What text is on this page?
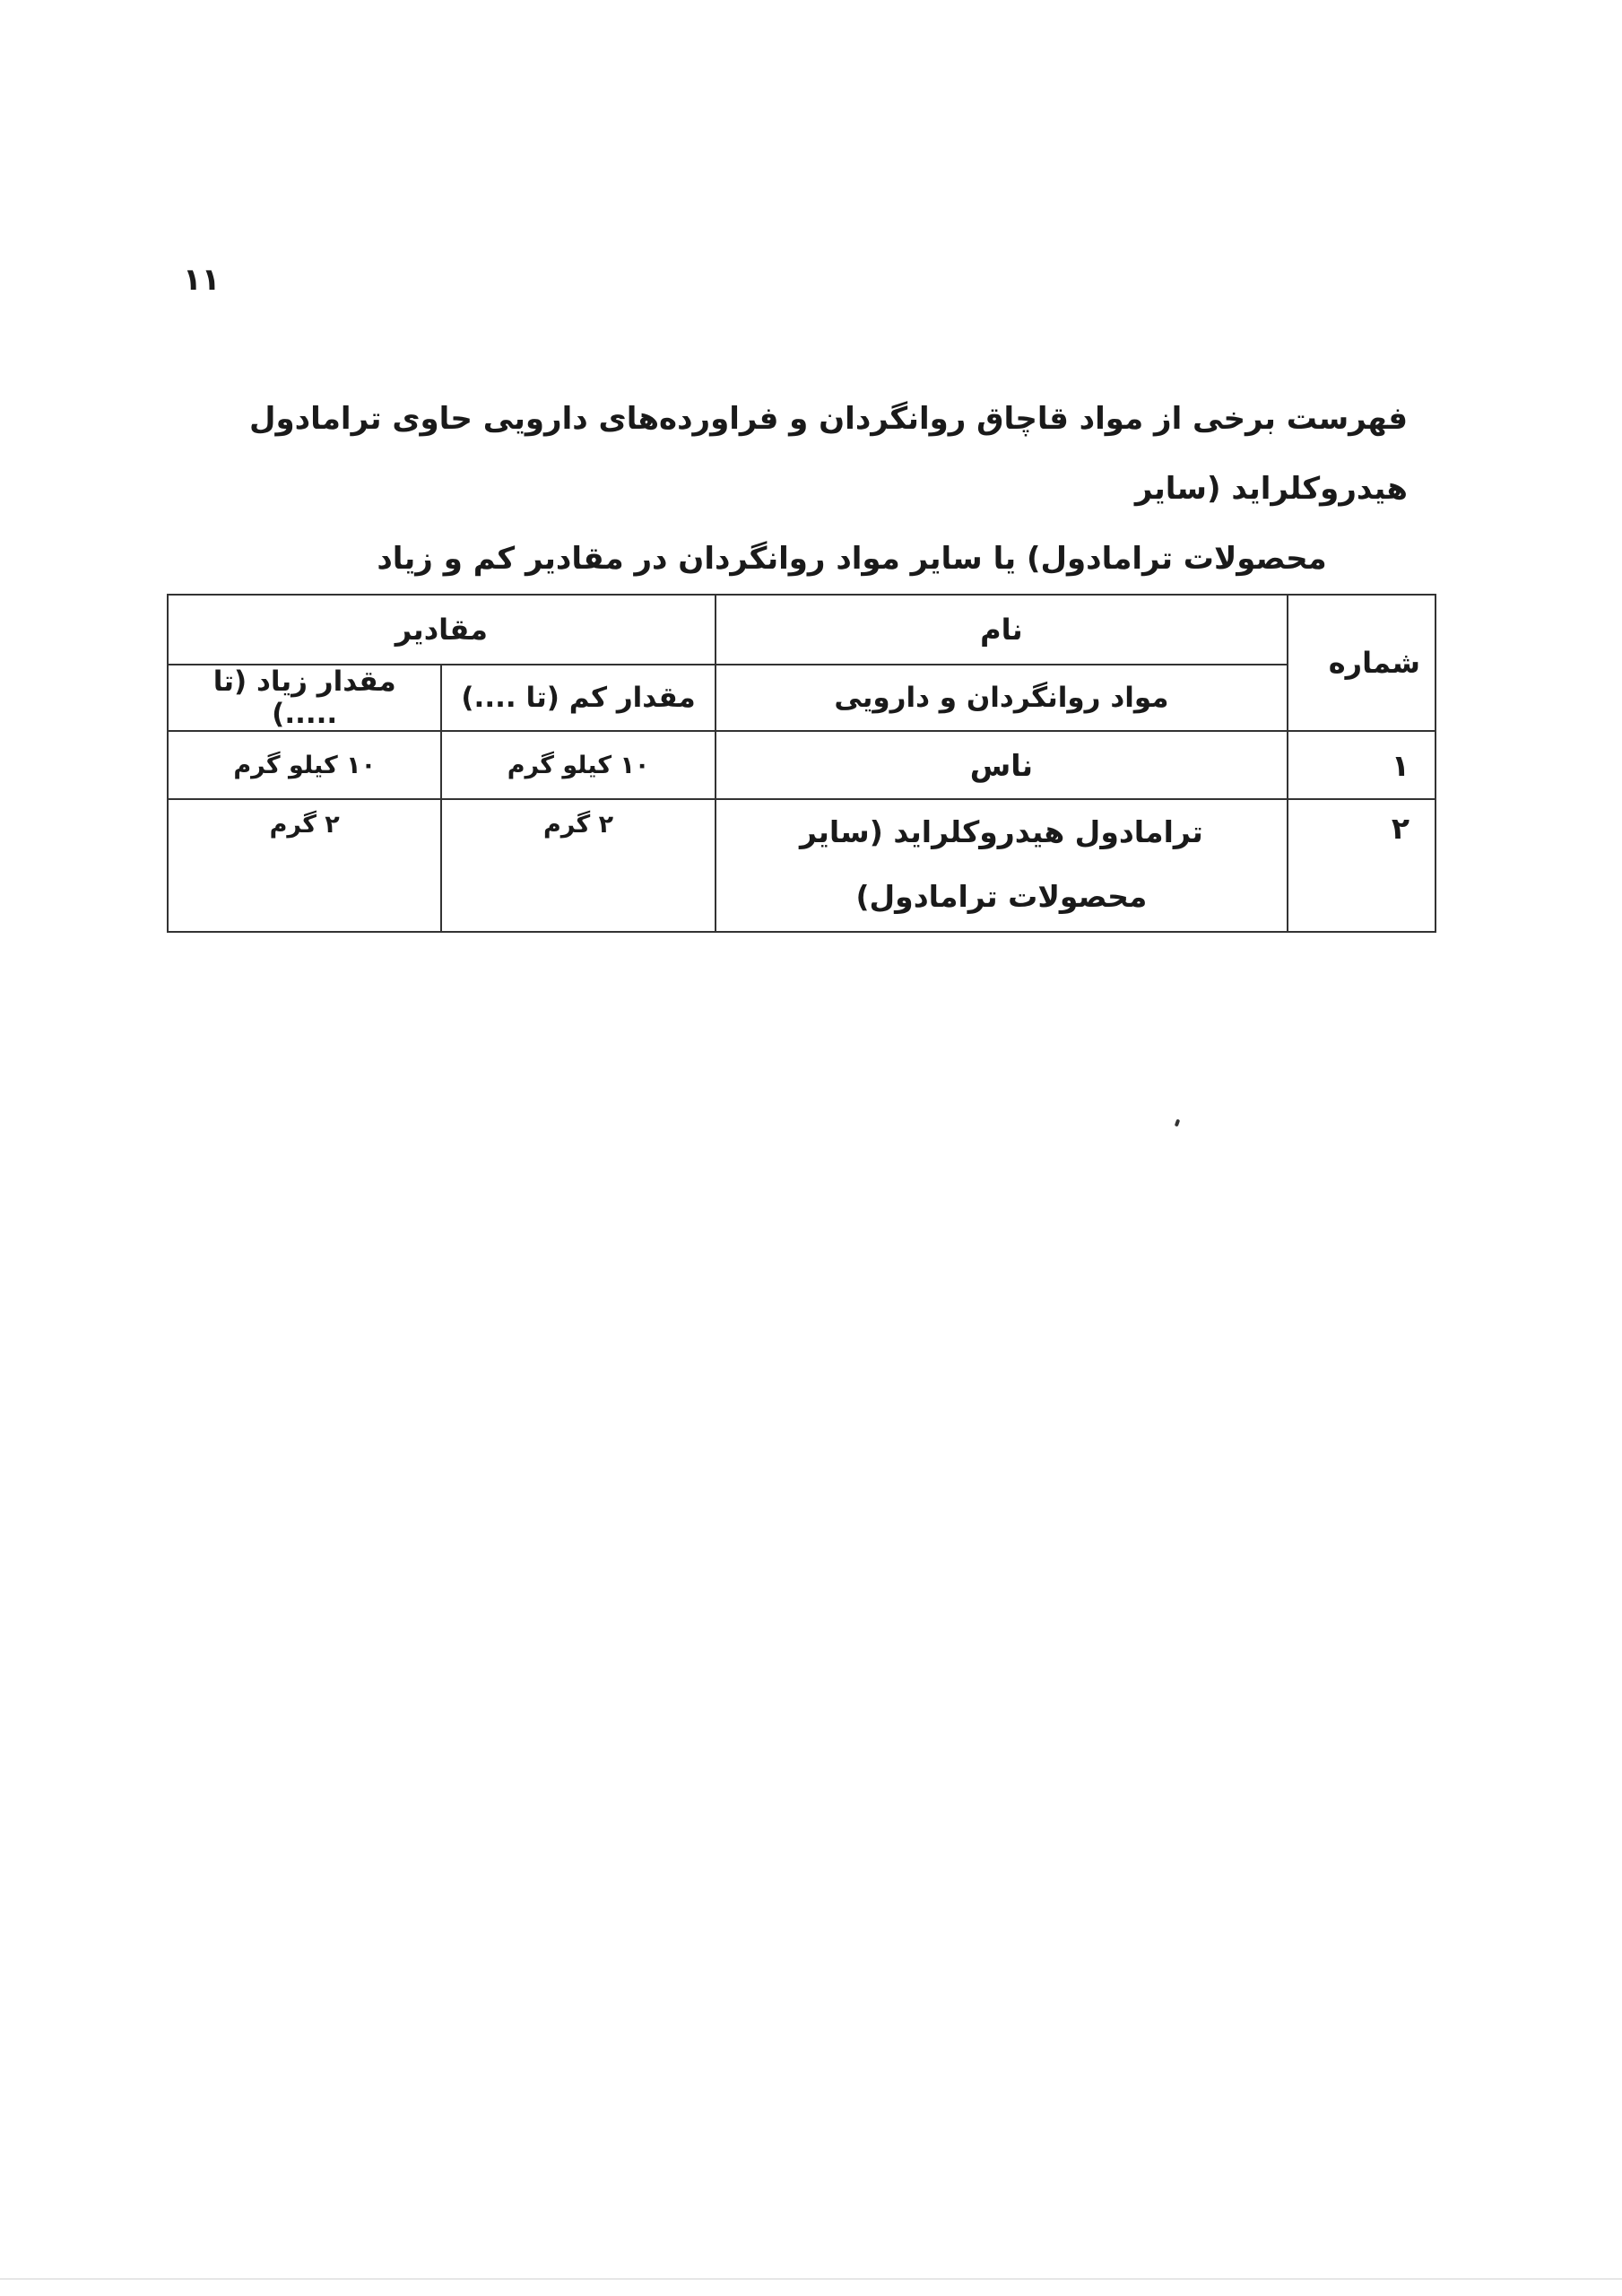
۱۱
فهرست برخی از مواد قاچاق روانگردان و فراورده‌های دارویی حاوی ترامادول هیدروکلراید (سایر
محصولات ترامادول) یا سایر مواد روانگردان در مقادیر کم و زیاد
شماره	نام	مقادیر	
	مواد روانگردان و دارویی	مقدار کم (تا ....)	مقدار زیاد (تا .....)
۱	ناس	۱۰ کیلو گرم	۱۰ کیلو گرم
۲	ترامادول هیدروکلراید (سایر محصولات ترامادول)	۲ گرم	۲ گرم
